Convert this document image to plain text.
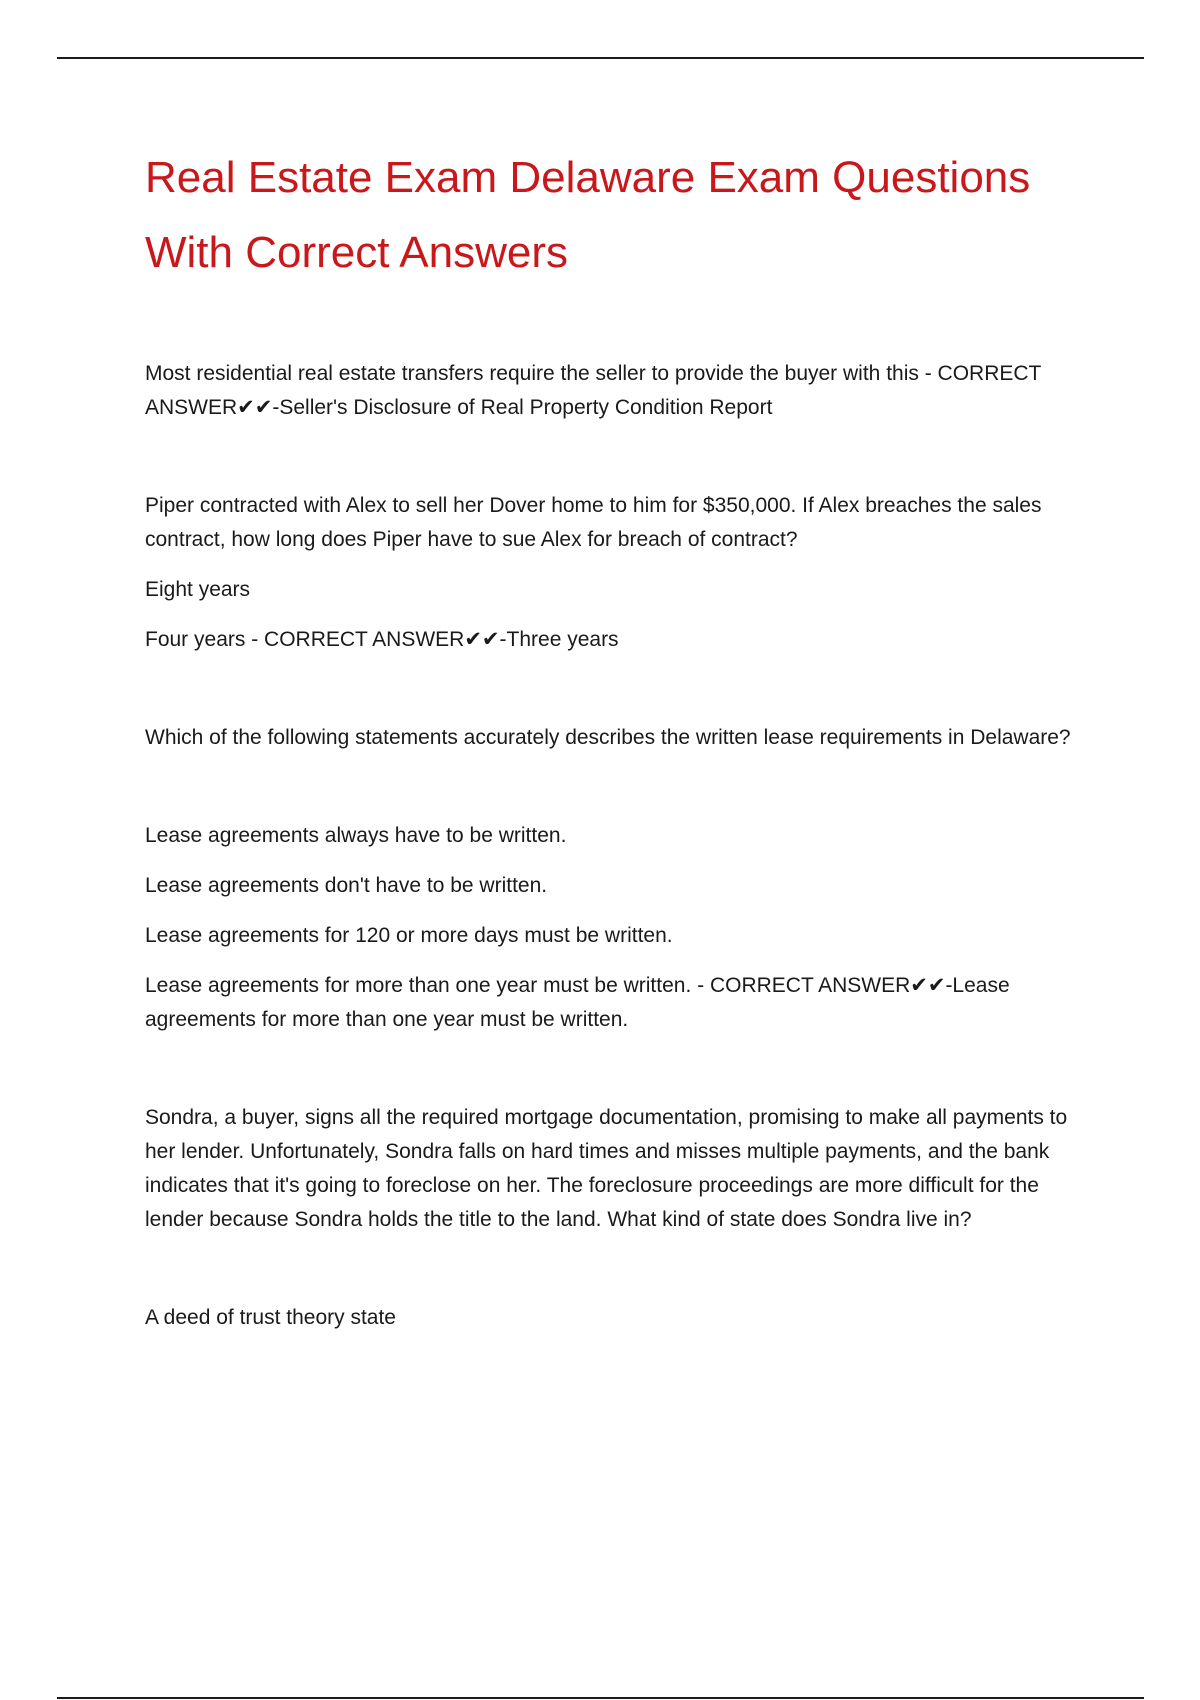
Real Estate Exam Delaware Exam Questions With Correct Answers

Most residential real estate transfers require the seller to provide the buyer with this - CORRECT ANSWER✔✔-Seller's Disclosure of Real Property Condition Report

Piper contracted with Alex to sell her Dover home to him for $350,000. If Alex breaches the sales contract, how long does Piper have to sue Alex for breach of contract?

Eight years

Four years - CORRECT ANSWER✔✔-Three years

Which of the following statements accurately describes the written lease requirements in Delaware?

Lease agreements always have to be written.

Lease agreements don't have to be written.

Lease agreements for 120 or more days must be written.

Lease agreements for more than one year must be written. - CORRECT ANSWER✔✔-Lease agreements for more than one year must be written.

Sondra, a buyer, signs all the required mortgage documentation, promising to make all payments to her lender. Unfortunately, Sondra falls on hard times and misses multiple payments, and the bank indicates that it's going to foreclose on her. The foreclosure proceedings are more difficult for the lender because Sondra holds the title to the land. What kind of state does Sondra live in?

A deed of trust theory state
